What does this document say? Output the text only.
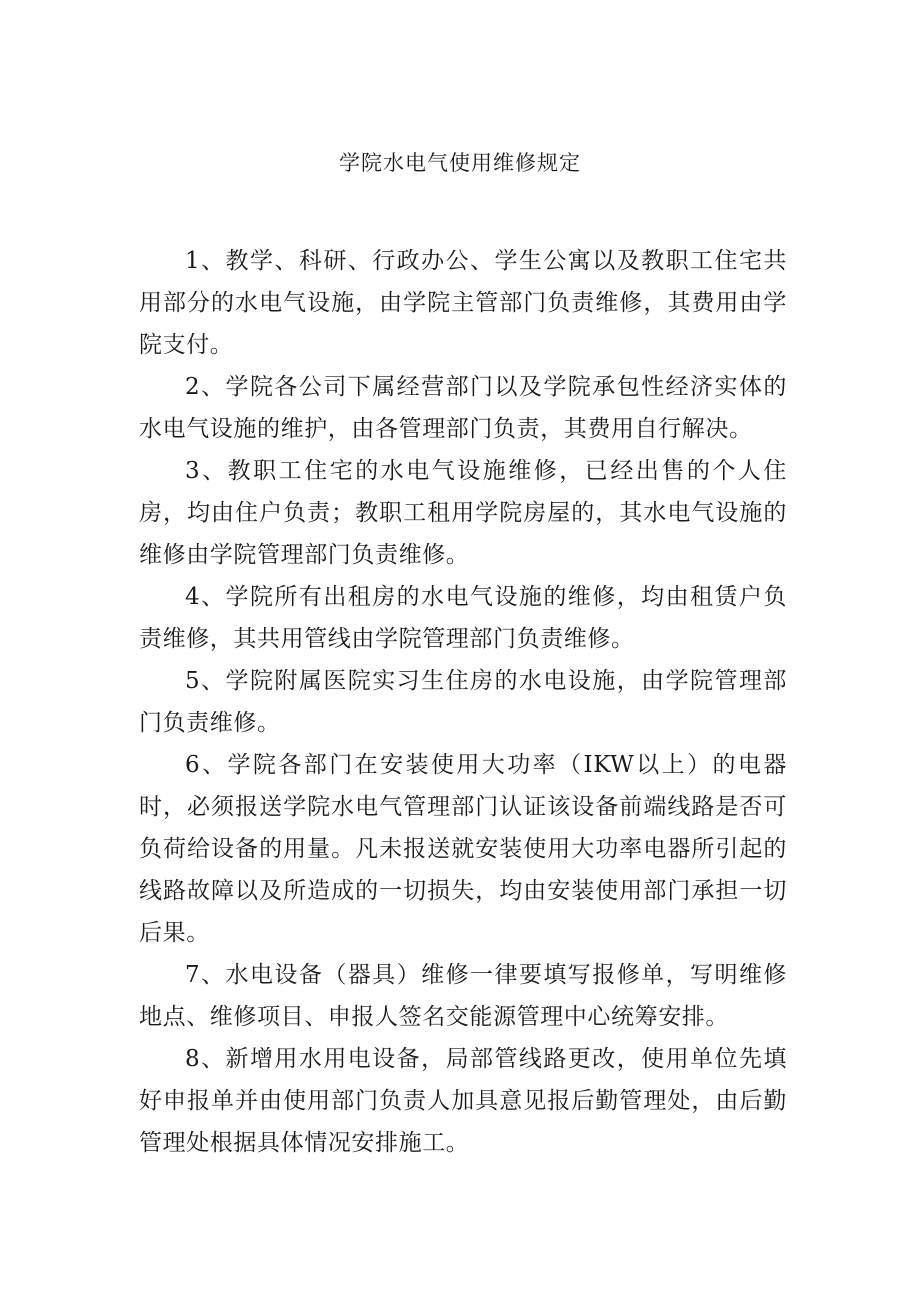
学院水电气使用维修规定

1、教学、科研、行政办公、学生公寓以及教职工住宅共用部分的水电气设施，由学院主管部门负责维修，其费用由学院支付。

2、学院各公司下属经营部门以及学院承包性经济实体的水电气设施的维护，由各管理部门负责，其费用自行解决。

3、教职工住宅的水电气设施维修，已经出售的个人住房，均由住户负责；教职工租用学院房屋的，其水电气设施的维修由学院管理部门负责维修。

4、学院所有出租房的水电气设施的维修，均由租赁户负责维修，其共用管线由学院管理部门负责维修。

5、学院附属医院实习生住房的水电设施，由学院管理部门负责维修。

6、学院各部门在安装使用大功率（IKW以上）的电器时，必须报送学院水电气管理部门认证该设备前端线路是否可负荷给设备的用量。凡未报送就安装使用大功率电器所引起的线路故障以及所造成的一切损失，均由安装使用部门承担一切后果。

7、水电设备（器具）维修一律要填写报修单，写明维修地点、维修项目、申报人签名交能源管理中心统筹安排。

8、新增用水用电设备，局部管线路更改，使用单位先填好申报单并由使用部门负责人加具意见报后勤管理处，由后勤管理处根据具体情况安排施工。
